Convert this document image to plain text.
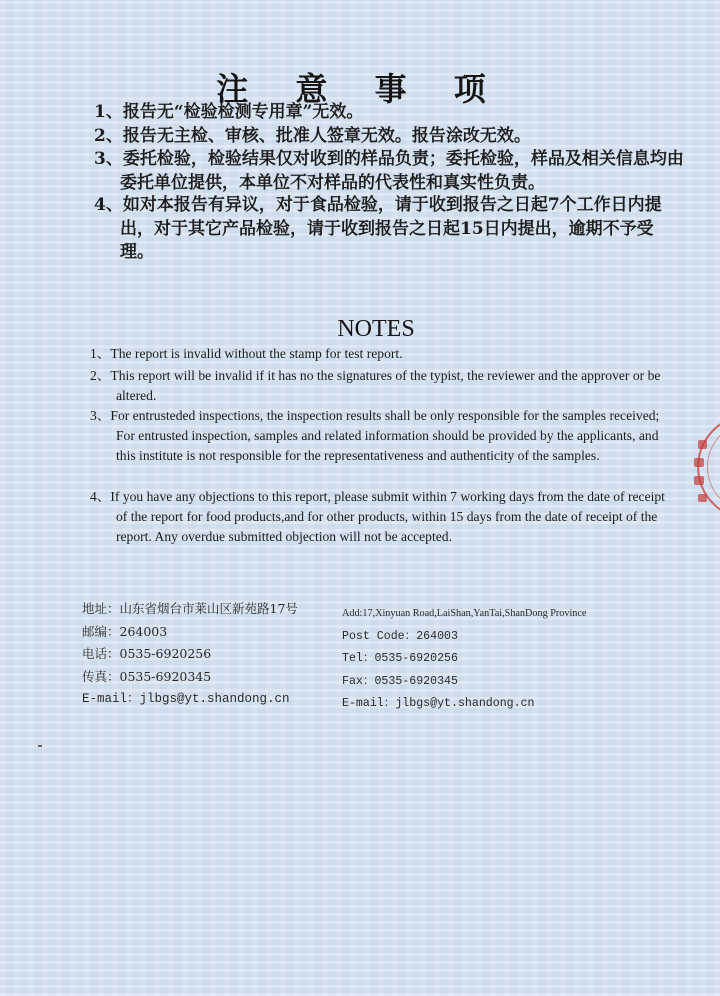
注 意 事 项
1、报告无“检验检测专用章”无效。
2、报告无主检、审核、批准人签章无效。报告涂改无效。
3、委托检验，检验结果仅对收到的样品负责；委托检验，样品及相关信息均由委托单位提供，本单位不对样品的代表性和真实性负责。
4、如对本报告有异议，对于食品检验，请于收到报告之日起7个工作日内提出，对于其它产品检验，请于收到报告之日起15日内提出，逾期不予受理。
NOTES
1、The report is invalid without the stamp for test report.
2、This report will be invalid if it has no the signatures of the typist, the reviewer and the approver or be altered.
3、For entrusteded inspections, the inspection results shall be only responsible for the samples received; For entrusted inspection, samples and related information should be provided by the applicants, and this institute is not responsible for the representativeness and authenticity of the samples.
4、If you have any objections to this report, please submit within 7 working days from the date of receipt of the report for food products,and for other products, within 15 days from the date of receipt of the report. Any overdue submitted objection will not be accepted.
地址：山东省烟台市莱山区新苑路17号
邮编：264003
电话：0535-6920256
传真：0535-6920345
E-mail：jlbgs@yt.shandong.cn
Add:17,Xinyuan Road,LaiShan,YanTai,ShanDong Province
Post Code：264003
Tel：0535-6920256
Fax：0535-6920345
E-mail：jlbgs@yt.shandong.cn
